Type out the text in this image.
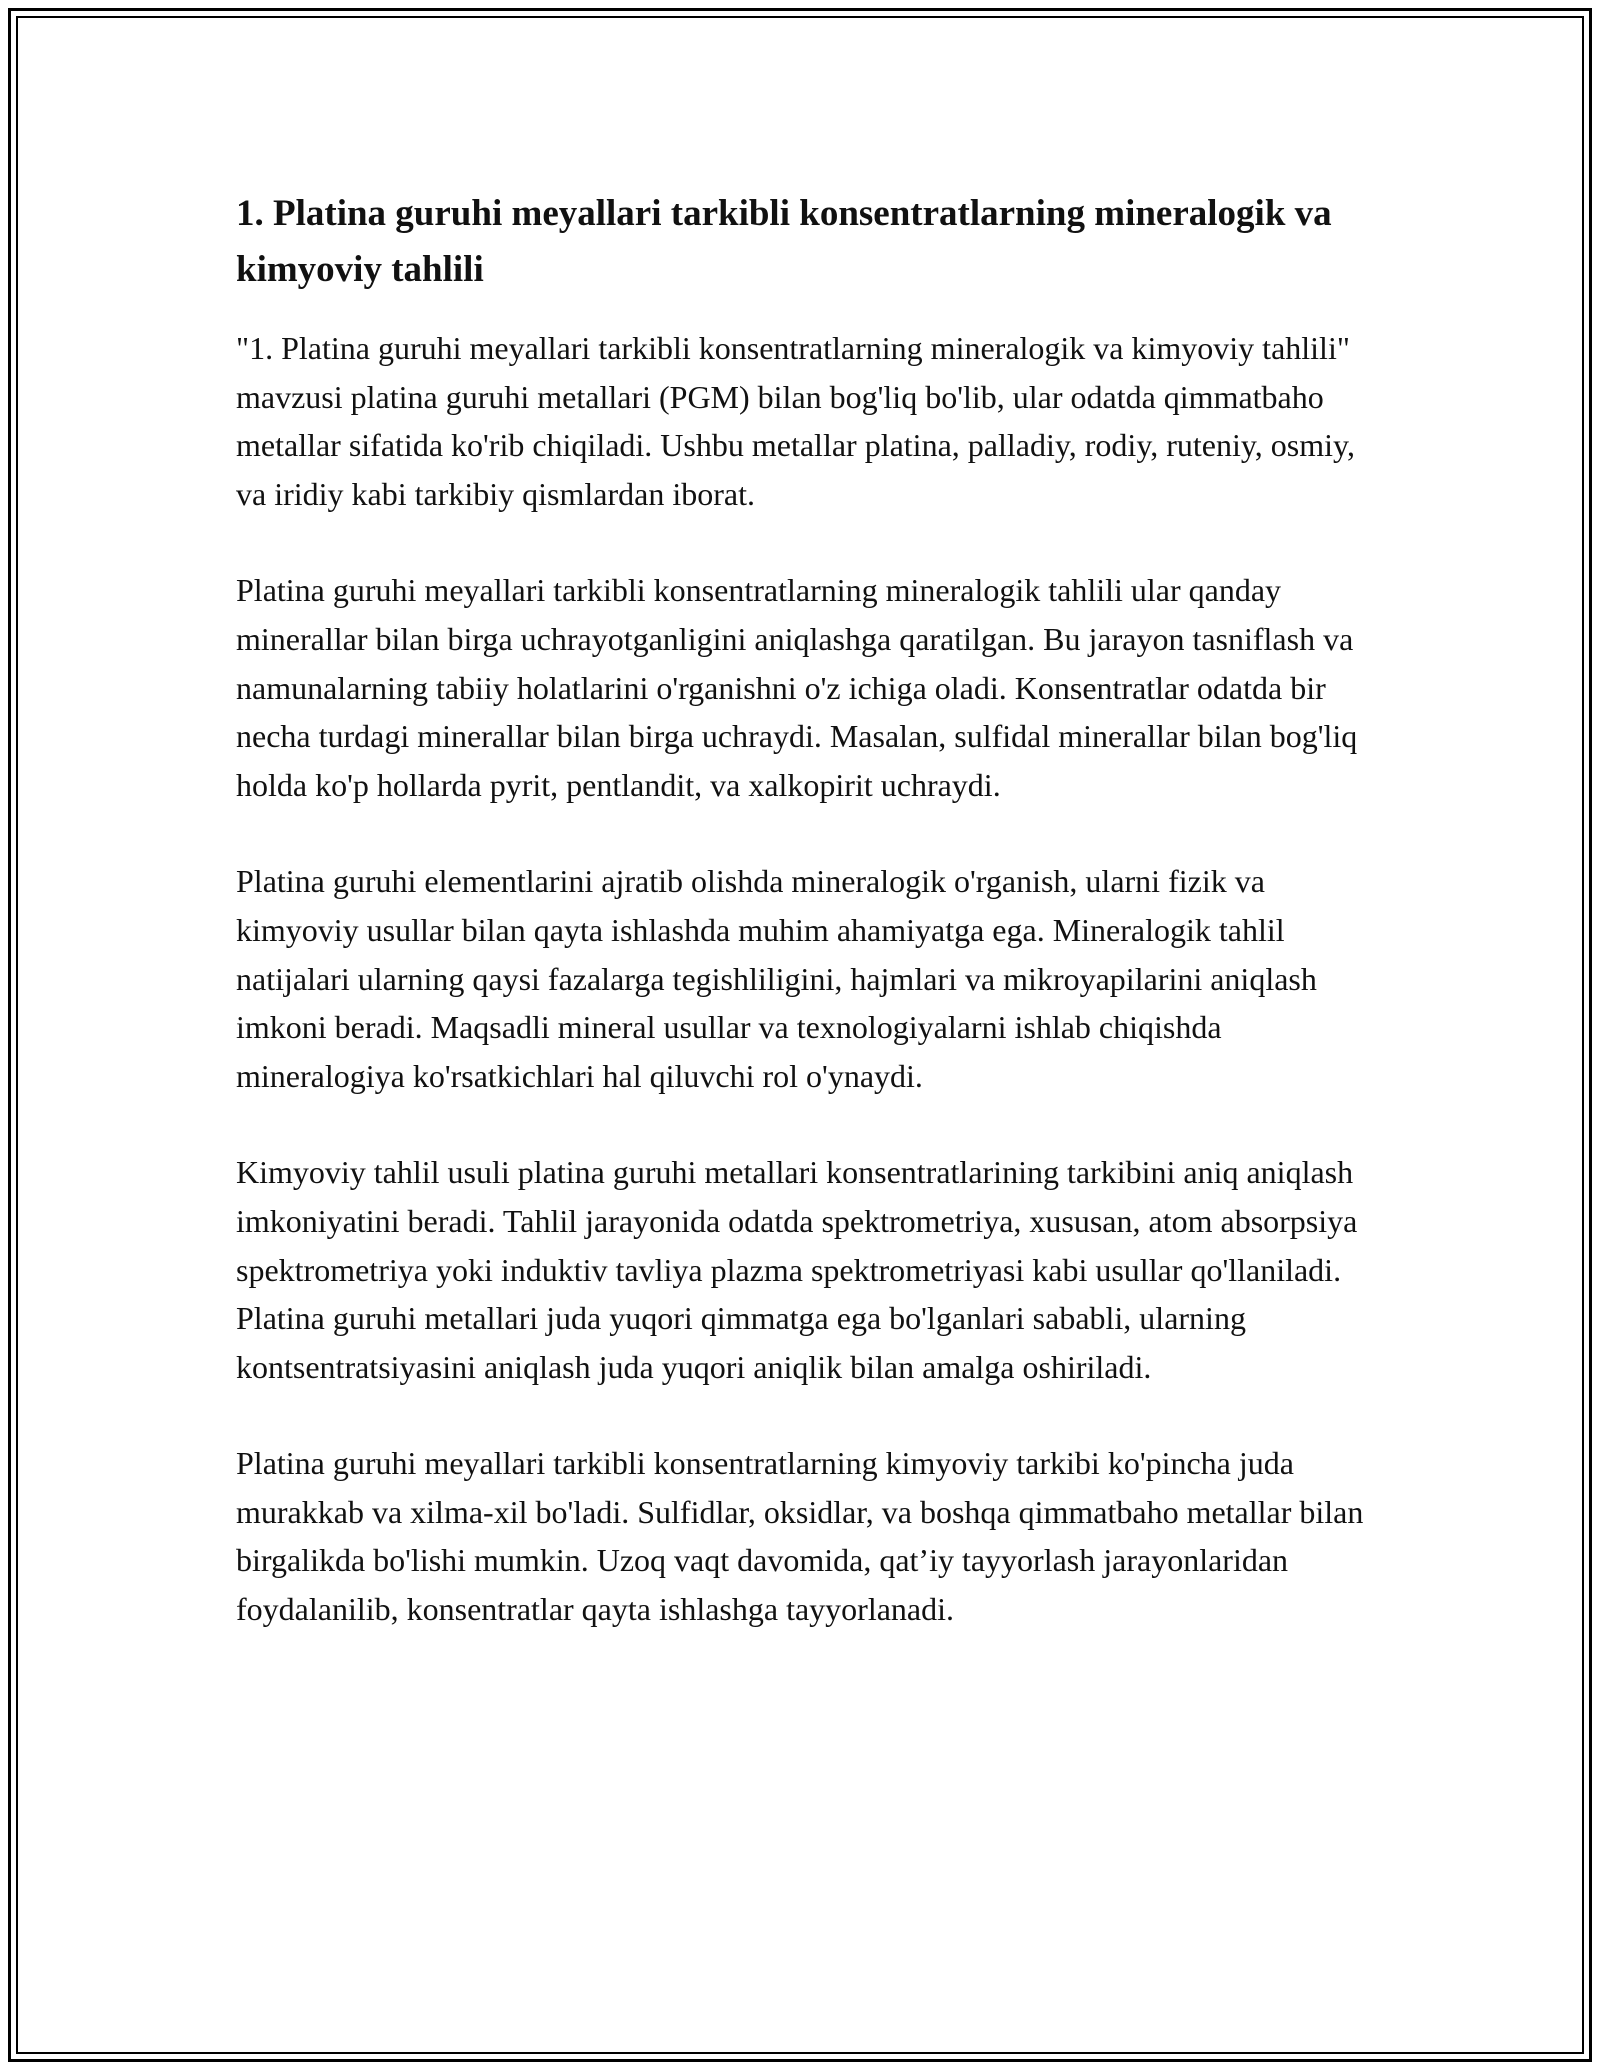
1. Platina guruhi meyallari tarkibli konsentratlarning mineralogik va kimyoviy tahlili

"1. Platina guruhi meyallari tarkibli konsentratlarning mineralogik va kimyoviy tahlili" mavzusi platina guruhi metallari (PGM) bilan bog'liq bo'lib, ular odatda qimmatbaho metallar sifatida ko'rib chiqiladi. Ushbu metallar platina, palladiy, rodiy, ruteniy, osmiy, va iridiy kabi tarkibiy qismlardan iborat.

Platina guruhi meyallari tarkibli konsentratlarning mineralogik tahlili ular qanday minerallar bilan birga uchrayotganligini aniqlashga qaratilgan. Bu jarayon tasniflash va namunalarning tabiiy holatlarini o'rganishni o'z ichiga oladi. Konsentratlar odatda bir necha turdagi minerallar bilan birga uchraydi. Masalan, sulfidal minerallar bilan bog'liq holda ko'p hollarda pyrit, pentlandit, va xalkopirit uchraydi.

Platina guruhi elementlarini ajratib olishda mineralogik o'rganish, ularni fizik va kimyoviy usullar bilan qayta ishlashda muhim ahamiyatga ega. Mineralogik tahlil natijalari ularning qaysi fazalarga tegishliligini, hajmlari va mikroyapilarini aniqlash imkoni beradi. Maqsadli mineral usullar va texnologiyalarni ishlab chiqishda mineralogiya ko'rsatkichlari hal qiluvchi rol o'ynaydi.

Kimyoviy tahlil usuli platina guruhi metallari konsentratlarining tarkibini aniq aniqlash imkoniyatini beradi. Tahlil jarayonida odatda spektrometriya, xususan, atom absorpsiya spektrometriya yoki induktiv tavliya plazma spektrometriyasi kabi usullar qo'llaniladi. Platina guruhi metallari juda yuqori qimmatga ega bo'lganlari sababli, ularning kontsentratsiyasini aniqlash juda yuqori aniqlik bilan amalga oshiriladi.

Platina guruhi meyallari tarkibli konsentratlarning kimyoviy tarkibi ko'pincha juda murakkab va xilma-xil bo'ladi. Sulfidlar, oksidlar, va boshqa qimmatbaho metallar bilan birgalikda bo'lishi mumkin. Uzoq vaqt davomida, qat’iy tayyorlash jarayonlaridan foydalanilib, konsentratlar qayta ishlashga tayyorlanadi.
